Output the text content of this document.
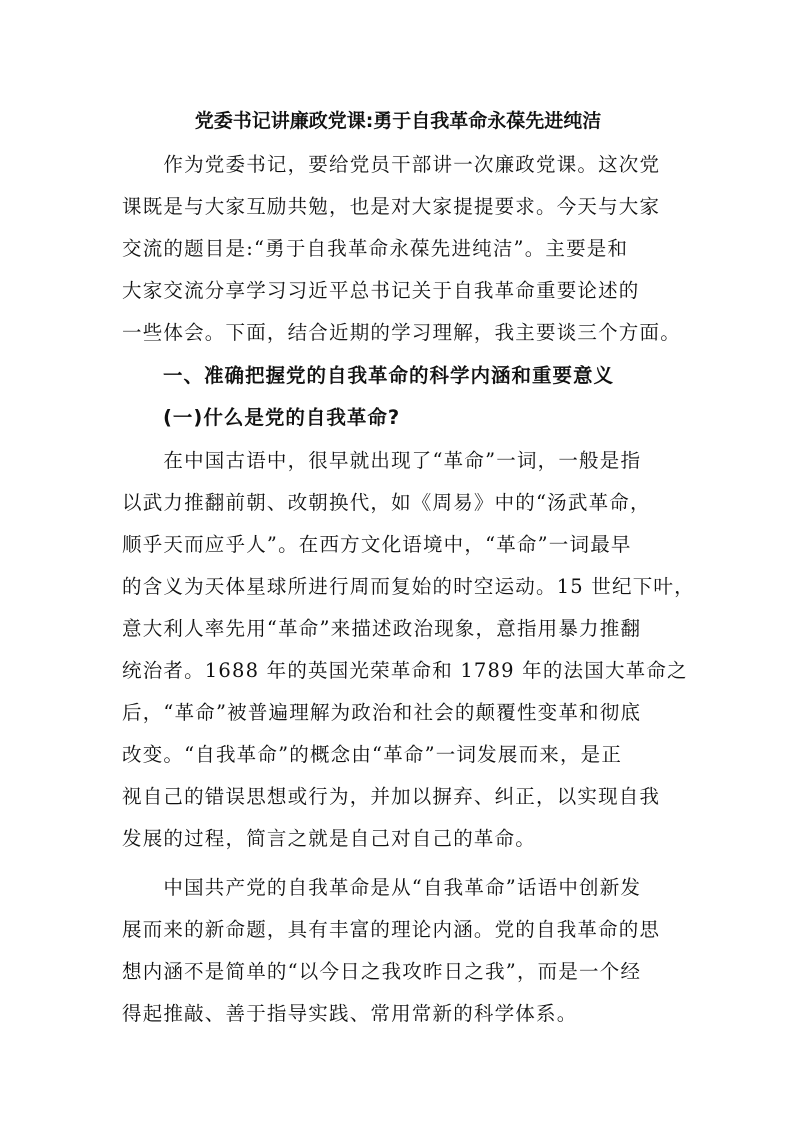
党委书记讲廉政党课:勇于自我革命永葆先进纯洁
　　作为党委书记，要给党员干部讲一次廉政党课。这次党
课既是与大家互励共勉，也是对大家提提要求。今天与大家
交流的题目是:“勇于自我革命永葆先进纯洁”。主要是和
大家交流分享学习习近平总书记关于自我革命重要论述的
一些体会。下面，结合近期的学习理解，我主要谈三个方面。
　　一、准确把握党的自我革命的科学内涵和重要意义
　　(一)什么是党的自我革命?
　　在中国古语中，很早就出现了“革命”一词，一般是指
以武力推翻前朝、改朝换代，如《周易》中的“汤武革命，
顺乎天而应乎人”。在西方文化语境中，“革命”一词最早
的含义为天体星球所进行周而复始的时空运动。15 世纪下叶，
意大利人率先用“革命”来描述政治现象，意指用暴力推翻
统治者。1688 年的英国光荣革命和 1789 年的法国大革命之
后，“革命”被普遍理解为政治和社会的颠覆性变革和彻底
改变。“自我革命”的概念由“革命”一词发展而来，是正
视自己的错误思想或行为，并加以摒弃、纠正，以实现自我
发展的过程，简言之就是自己对自己的革命。
　　中国共产党的自我革命是从“自我革命”话语中创新发
展而来的新命题，具有丰富的理论内涵。党的自我革命的思
想内涵不是简单的“以今日之我攻昨日之我”，而是一个经
得起推敲、善于指导实践、常用常新的科学体系。
